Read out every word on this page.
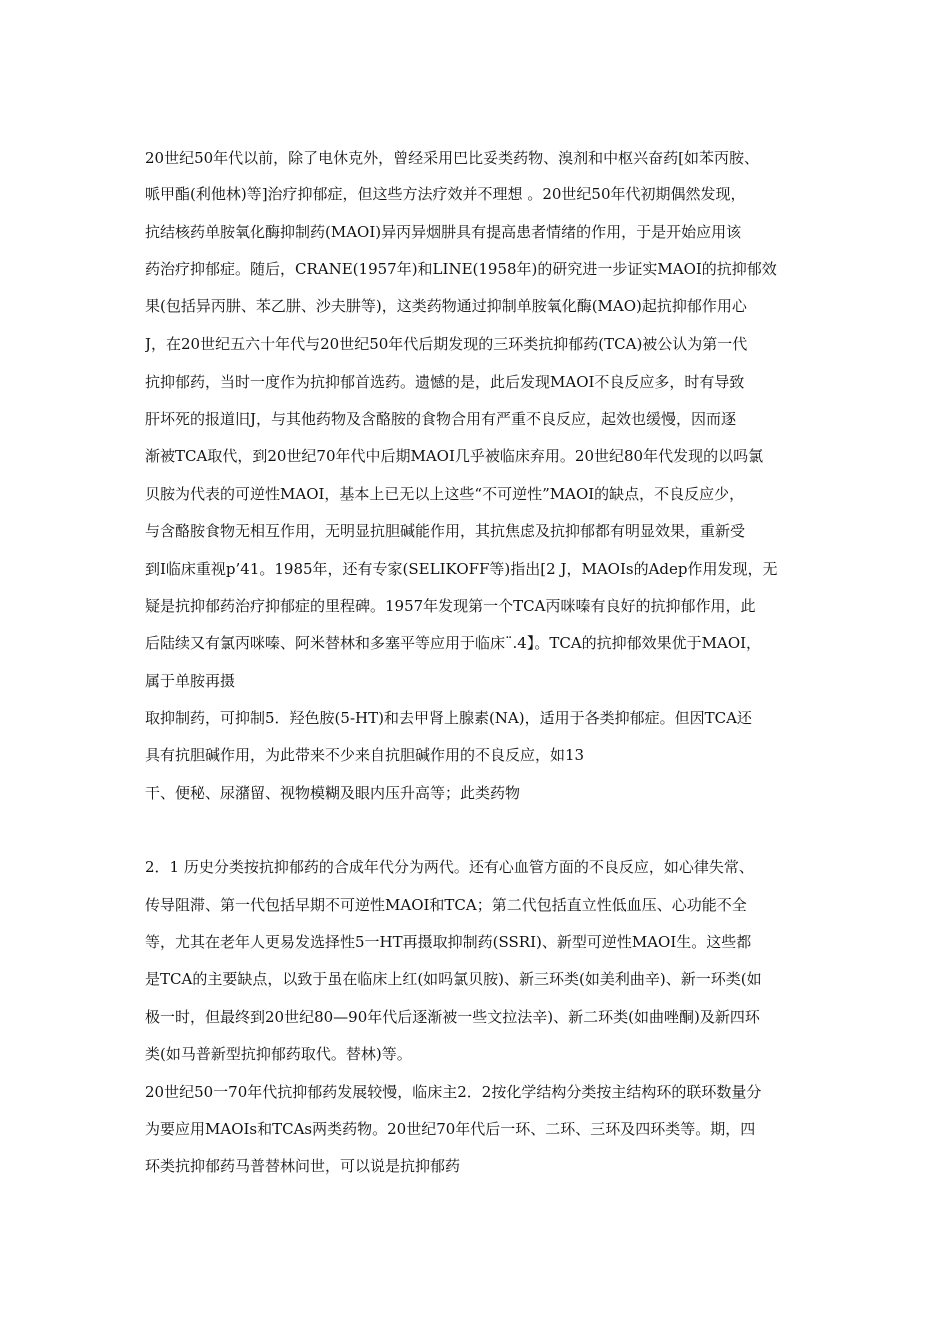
20世纪50年代以前，除了电休克外，曾经采用巴比妥类药物、溴剂和中枢兴奋药[如苯丙胺、
哌甲酯(利他林)等]治疗抑郁症，但这些方法疗效并不理想 。20世纪50年代初期偶然发现，
抗结核药单胺氧化酶抑制药(MAOI)异丙异烟肼具有提高患者情绪的作用，于是开始应用该
药治疗抑郁症。随后，CRANE(1957年)和LINE(1958年)的研究进一步证实MAOI的抗抑郁效
果(包括异丙肼、苯乙肼、沙夫肼等)，这类药物通过抑制单胺氧化酶(MAO)起抗抑郁作用心
J，在20世纪五六十年代与20世纪50年代后期发现的三环类抗抑郁药(TCA)被公认为第一代
抗抑郁药，当时一度作为抗抑郁首选药。遗憾的是，此后发现MAOI不良反应多，时有导致
肝坏死的报道旧J，与其他药物及含酪胺的食物合用有严重不良反应，起效也缓慢，因而逐
渐被TCA取代，到20世纪70年代中后期MAOI几乎被临床弃用。20世纪80年代发现的以吗氯
贝胺为代表的可逆性MAOI，基本上已无以上这些“不可逆性”MAOI的缺点，不良反应少，
与含酪胺食物无相互作用，无明显抗胆碱能作用，其抗焦虑及抗抑郁都有明显效果，重新受
到I临床重视p’41。1985年，还有专家(SELIKOFF等)指出[2 J，MAOIs的Adep作用发现，无
疑是抗抑郁药治疗抑郁症的里程碑。1957年发现第一个TCA丙咪嗪有良好的抗抑郁作用，此
后陆续又有氯丙咪嗪、阿米替林和多塞平等应用于临床¨.4】。TCA的抗抑郁效果优于MAOI，
属于单胺再摄
取抑制药，可抑制5．羟色胺(5-HT)和去甲肾上腺素(NA)，适用于各类抑郁症。但因TCA还
具有抗胆碱作用，为此带来不少来自抗胆碱作用的不良反应，如13
干、便秘、尿潴留、视物模糊及眼内压升高等；此类药物
2．1 历史分类按抗抑郁药的合成年代分为两代。还有心血管方面的不良反应，如心律失常、
传导阻滞、第一代包括早期不可逆性MAOI和TCA；第二代包括直立性低血压、心功能不全
等，尤其在老年人更易发选择性5一HT再摄取抑制药(SSRI)、新型可逆性MAOI生。这些都
是TCA的主要缺点，以致于虽在临床上红(如吗氯贝胺)、新三环类(如美利曲辛)、新一环类(如
极一时，但最终到20世纪80—90年代后逐渐被一些文拉法辛)、新二环类(如曲唑酮)及新四环
类(如马普新型抗抑郁药取代。替林)等。
20世纪50一70年代抗抑郁药发展较慢，临床主2．2按化学结构分类按主结构环的联环数量分
为要应用MAOIs和TCAs两类药物。20世纪70年代后一环、二环、三环及四环类等。期，四
环类抗抑郁药马普替林问世，可以说是抗抑郁药
